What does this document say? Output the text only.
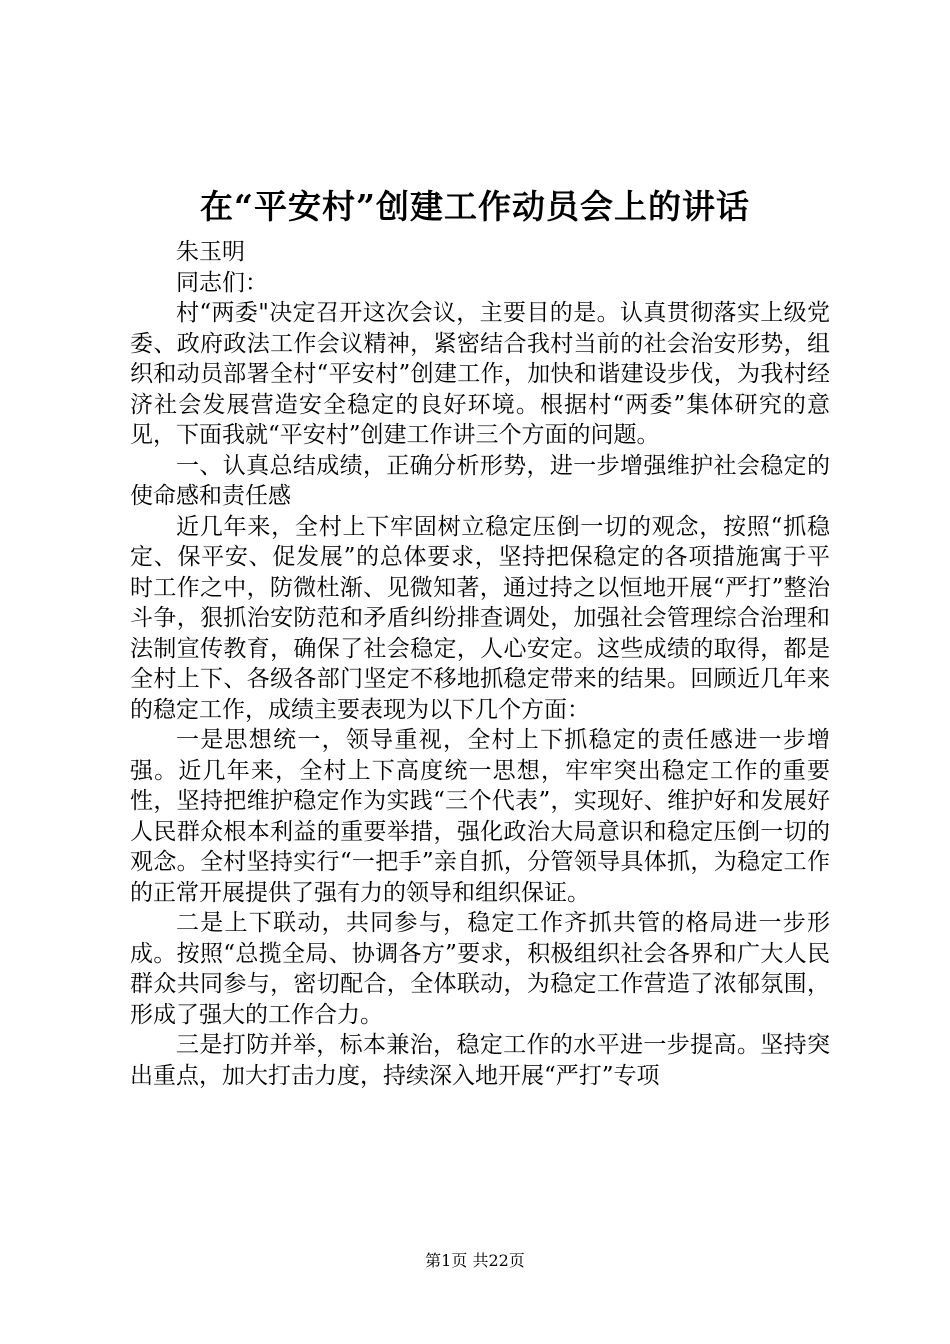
在“平安村”创建工作动员会上的讲话

朱玉明

同志们：

村“两委"决定召开这次会议，主要目的是。认真贯彻落实上级党委、政府政法工作会议精神，紧密结合我村当前的社会治安形势，组织和动员部署全村“平安村”创建工作，加快和谐建设步伐，为我村经济社会发展营造安全稳定的良好环境。根据村“两委”集体研究的意见，下面我就“平安村”创建工作讲三个方面的问题。

一、认真总结成绩，正确分析形势，进一步增强维护社会稳定的使命感和责任感

近几年来，全村上下牢固树立稳定压倒一切的观念，按照“抓稳定、保平安、促发展”的总体要求，坚持把保稳定的各项措施寓于平时工作之中，防微杜渐、见微知著，通过持之以恒地开展“严打”整治斗争，狠抓治安防范和矛盾纠纷排查调处，加强社会管理综合治理和法制宣传教育，确保了社会稳定，人心安定。这些成绩的取得，都是全村上下、各级各部门坚定不移地抓稳定带来的结果。回顾近几年来的稳定工作，成绩主要表现为以下几个方面：

一是思想统一，领导重视，全村上下抓稳定的责任感进一步增强。近几年来，全村上下高度统一思想，牢牢突出稳定工作的重要性，坚持把维护稳定作为实践“三个代表”，实现好、维护好和发展好人民群众根本利益的重要举措，强化政治大局意识和稳定压倒一切的观念。全村坚持实行“一把手”亲自抓，分管领导具体抓，为稳定工作的正常开展提供了强有力的领导和组织保证。

二是上下联动，共同参与，稳定工作齐抓共管的格局进一步形成。按照“总揽全局、协调各方”要求，积极组织社会各界和广大人民群众共同参与，密切配合，全体联动，为稳定工作营造了浓郁氛围，形成了强大的工作合力。

三是打防并举，标本兼治，稳定工作的水平进一步提高。坚持突出重点，加大打击力度，持续深入地开展“严打”专项

第1页 共22页
